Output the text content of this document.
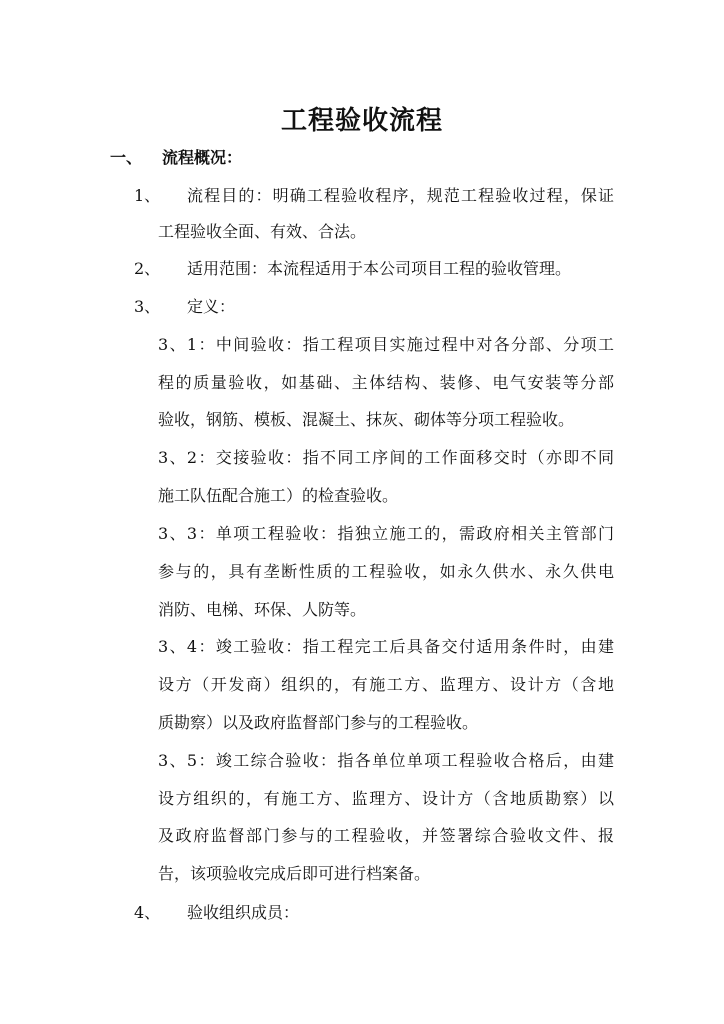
工程验收流程
一、 流程概况：
1、 流程目的：明确工程验收程序，规范工程验收过程，保证
工程验收全面、有效、合法。
2、 适用范围：本流程适用于本公司项目工程的验收管理。
3、 定义：
3、1：中间验收：指工程项目实施过程中对各分部、分项工
程的质量验收，如基础、主体结构、装修、电气安装等分部
验收，钢筋、模板、混凝土、抹灰、砌体等分项工程验收。
3、2：交接验收：指不同工序间的工作面移交时（亦即不同
施工队伍配合施工）的检查验收。
3、3：单项工程验收：指独立施工的，需政府相关主管部门
参与的，具有垄断性质的工程验收，如永久供水、永久供电
消防、电梯、环保、人防等。
3、4：竣工验收：指工程完工后具备交付适用条件时，由建
设方（开发商）组织的，有施工方、监理方、设计方（含地
质勘察）以及政府监督部门参与的工程验收。
3、5：竣工综合验收：指各单位单项工程验收合格后，由建
设方组织的，有施工方、监理方、设计方（含地质勘察）以
及政府监督部门参与的工程验收，并签署综合验收文件、报
告，该项验收完成后即可进行档案备。
4、 验收组织成员：
